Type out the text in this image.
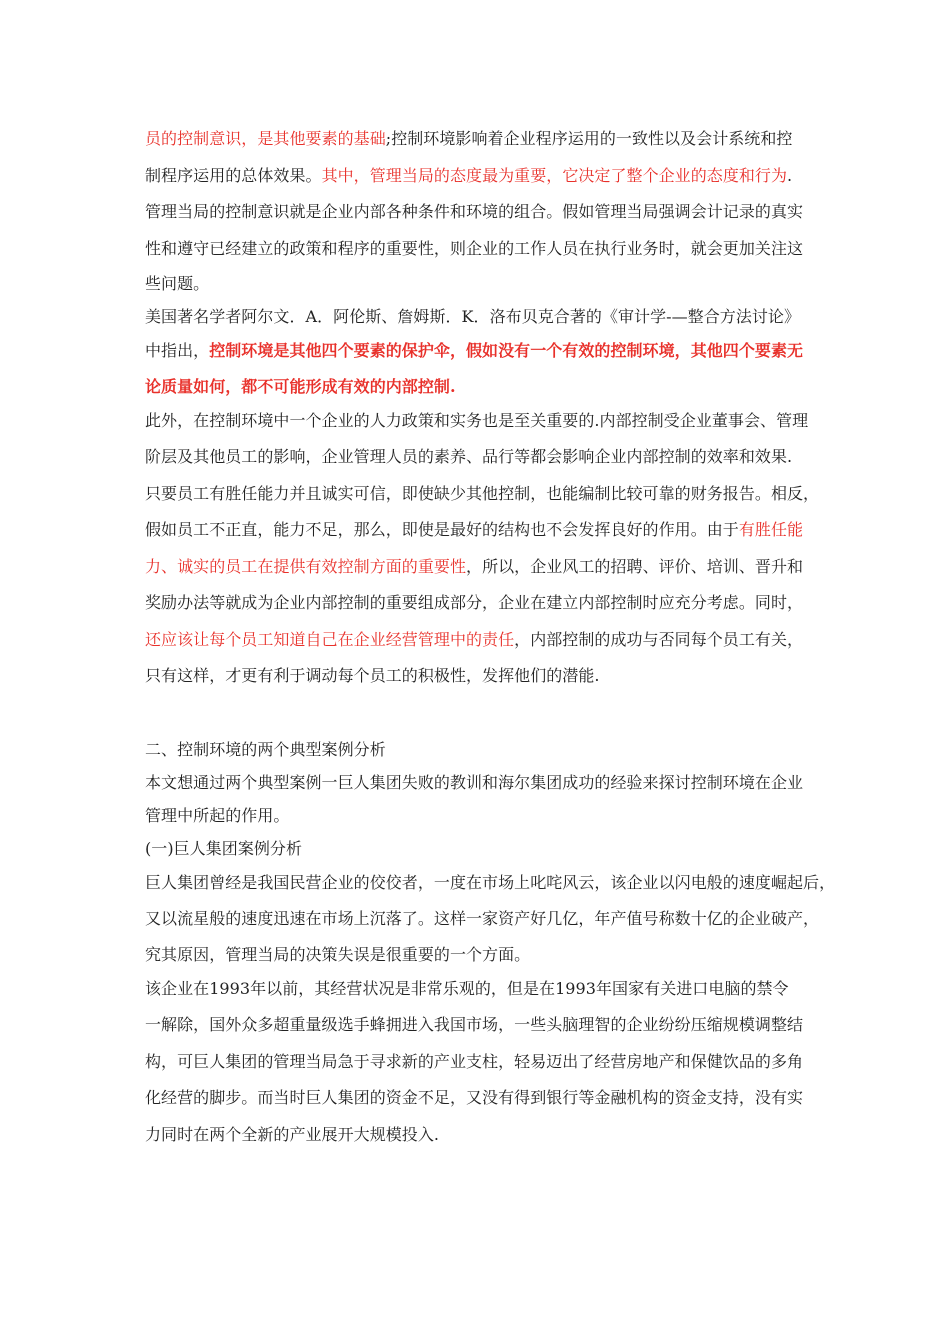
员的控制意识，是其他要素的基础;控制环境影响着企业程序运用的一致性以及会计系统和控
制程序运用的总体效果。其中，管理当局的态度最为重要，它决定了整个企业的态度和行为.
管理当局的控制意识就是企业内部各种条件和环境的组合。假如管理当局强调会计记录的真实
性和遵守已经建立的政策和程序的重要性，则企业的工作人员在执行业务时，就会更加关注这
些问题。
美国著名学者阿尔文．A．阿伦斯、詹姆斯．K．洛布贝克合著的《审计学-—整合方法讨论》
中指出，控制环境是其他四个要素的保护伞，假如没有一个有效的控制环境，其他四个要素无
论质量如何，都不可能形成有效的内部控制.
此外，在控制环境中一个企业的人力政策和实务也是至关重要的.内部控制受企业董事会、管理
阶层及其他员工的影响，企业管理人员的素养、品行等都会影响企业内部控制的效率和效果.
只要员工有胜任能力并且诚实可信，即使缺少其他控制，也能编制比较可靠的财务报告。相反，
假如员工不正直，能力不足，那么，即使是最好的结构也不会发挥良好的作用。由于有胜任能
力、诚实的员工在提供有效控制方面的重要性，所以，企业风工的招聘、评价、培训、晋升和
奖励办法等就成为企业内部控制的重要组成部分，企业在建立内部控制时应充分考虑。同时，
还应该让每个员工知道自己在企业经营管理中的责任，内部控制的成功与否同每个员工有关，
只有这样，才更有利于调动每个员工的积极性，发挥他们的潜能.
二、控制环境的两个典型案例分析
本文想通过两个典型案例一巨人集团失败的教训和海尔集团成功的经验来探讨控制环境在企业
管理中所起的作用。
(一)巨人集团案例分析
巨人集团曾经是我国民营企业的佼佼者，一度在市场上叱咤风云，该企业以闪电般的速度崛起后，
又以流星般的速度迅速在市场上沉落了。这样一家资产好几亿，年产值号称数十亿的企业破产，
究其原因，管理当局的决策失误是很重要的一个方面。
该企业在1993年以前，其经营状况是非常乐观的，但是在1993年国家有关进口电脑的禁令
一解除，国外众多超重量级选手蜂拥进入我国市场，一些头脑理智的企业纷纷压缩规模调整结
构，可巨人集团的管理当局急于寻求新的产业支柱，轻易迈出了经营房地产和保健饮品的多角
化经营的脚步。而当时巨人集团的资金不足，又没有得到银行等金融机构的资金支持，没有实
力同时在两个全新的产业展开大规模投入.
